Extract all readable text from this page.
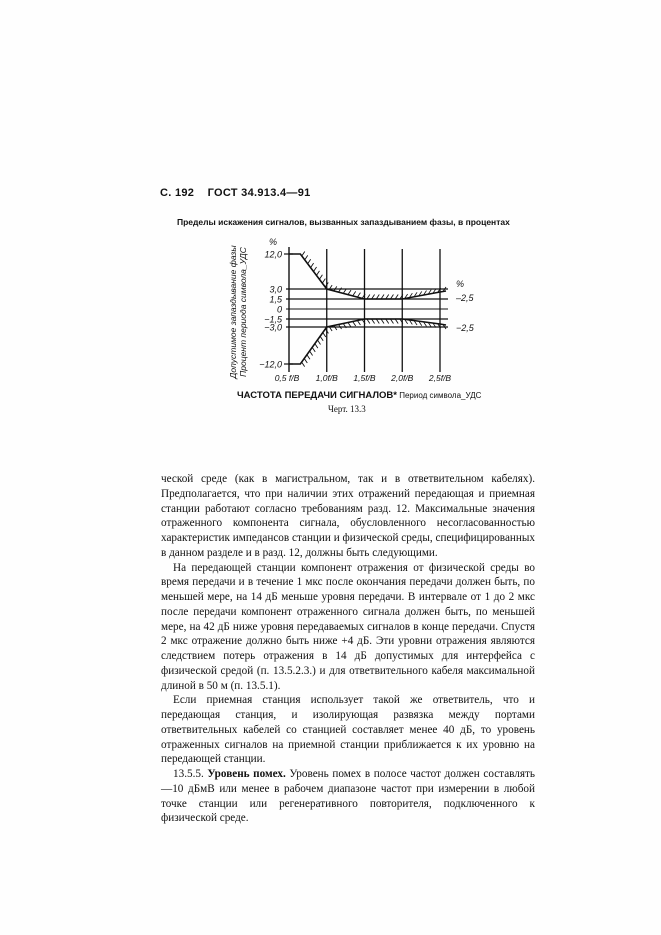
С. 192 ГОСТ 34.913.4—91
Пределы искажения сигналов, вызванных запаздыванием фазы, в процентах
12,0
3,0
1,5
0
−1,5
−3,0
−12,0
0,5 f/B 1,0f/B 1,5f/B 2,0f/B 2,5f/B
%
%
–2,5
−2,5
Допустимое запаздывание фазы Процент периода символа_УДС
ЧАСТОТА ПЕРЕДАЧИ СИГНАЛОВ* Период символа_УДС
Черт. 13.3

ческой среде (как в магистральном, так и в ответвительном кабелях). Предполагается, что при наличии этих отражений передающая и приемная станции работают согласно требованиям разд. 12. Максимальные значения отраженного компонента сигнала, обусловленного несогласованностью характеристик импедансов станции и физической среды, специфицированных в данном разделе и в разд. 12, должны быть следующими.

На передающей станции компонент отражения от физической среды во время передачи и в течение 1 мкс после окончания передачи должен быть, по меньшей мере, на 14 дБ меньше уровня передачи. В интервале от 1 до 2 мкс после передачи компонент отраженного сигнала должен быть, по меньшей мере, на 42 дБ ниже уровня передаваемых сигналов в конце передачи. Спустя 2 мкс отражение должно быть ниже +4 дБ. Эти уровни отражения являются следствием потерь отражения в 14 дБ допустимых для интерфейса с физической средой (п. 13.5.2.3.) и для ответвительного кабеля максимальной длиной в 50 м (п. 13.5.1).

Если приемная станция использует такой же ответвитель, что и передающая станция, и изолирующая развязка между портами ответвительных кабелей со станцией составляет менее 40 дБ, то уровень отраженных сигналов на приемной станции приближается к их уровню на передающей станции.

13.5.5. Уровень помех. Уровень помех в полосе частот должен составлять —10 дБмВ или менее в рабочем диапазоне частот при измерении в любой точке станции или регенеративного повторителя, подключенного к физической среде.
